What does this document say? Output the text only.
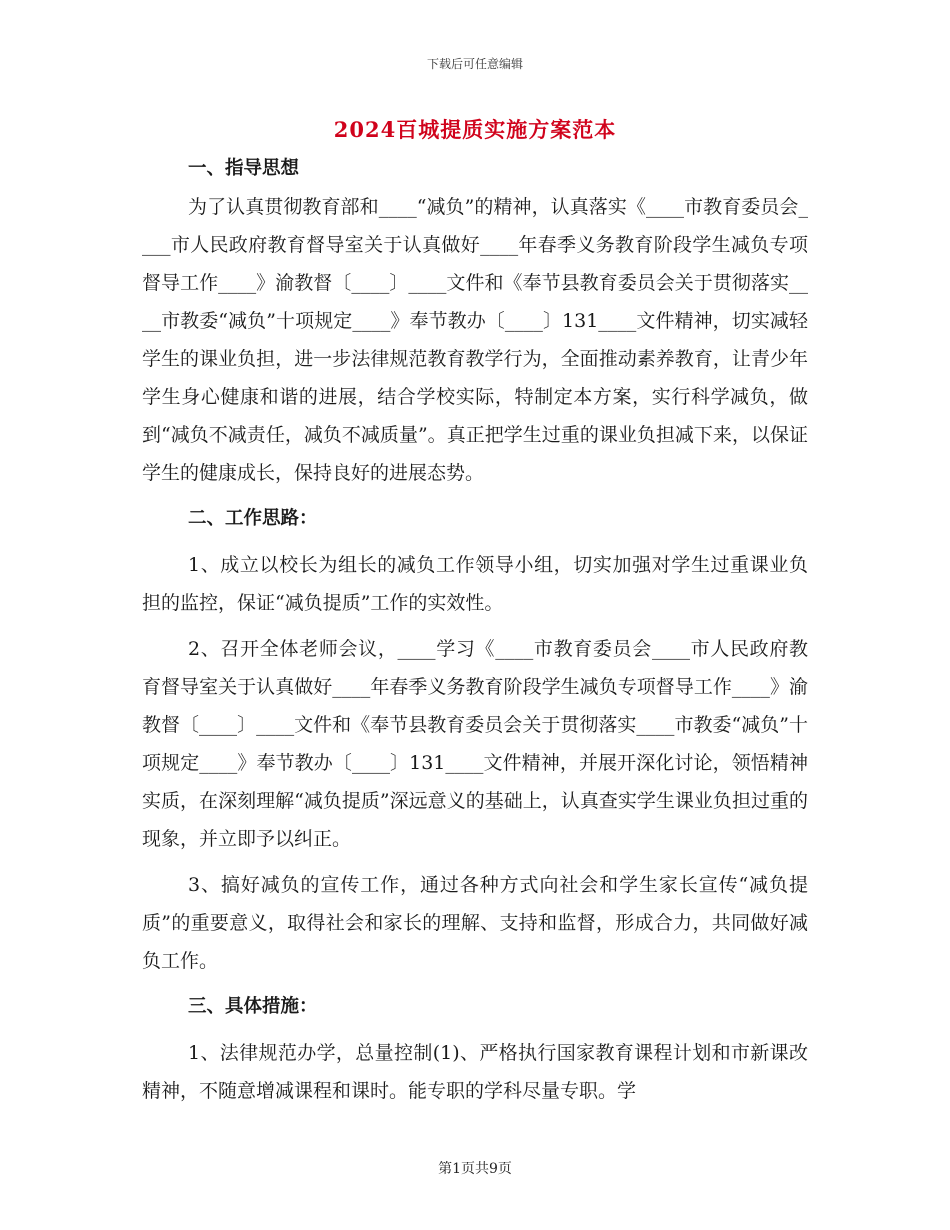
下载后可任意编辑
2024百城提质实施方案范本

一、指导思想

为了认真贯彻教育部和____“减负”的精神，认真落实《____市教育委员会____市人民政府教育督导室关于认真做好____年春季义务教育阶段学生减负专项督导工作____》渝教督〔____〕____文件和《奉节县教育委员会关于贯彻落实____市教委“减负”十项规定____》奉节教办〔____〕131____文件精神，切实减轻学生的课业负担，进一步法律规范教育教学行为，全面推动素养教育，让青少年学生身心健康和谐的进展，结合学校实际，特制定本方案，实行科学减负，做到“减负不减责任，减负不减质量”。真正把学生过重的课业负担减下来，以保证学生的健康成长，保持良好的进展态势。

二、工作思路：

1、成立以校长为组长的减负工作领导小组，切实加强对学生过重课业负担的监控，保证“减负提质”工作的实效性。

2、召开全体老师会议，____学习《____市教育委员会____市人民政府教育督导室关于认真做好____年春季义务教育阶段学生减负专项督导工作____》渝教督〔____〕____文件和《奉节县教育委员会关于贯彻落实____市教委“减负”十项规定____》奉节教办〔____〕131____文件精神，并展开深化讨论，领悟精神实质，在深刻理解“减负提质”深远意义的基础上，认真查实学生课业负担过重的现象，并立即予以纠正。

3、搞好减负的宣传工作，通过各种方式向社会和学生家长宣传“减负提质”的重要意义，取得社会和家长的理解、支持和监督，形成合力，共同做好减负工作。

三、具体措施：

1、法律规范办学，总量控制(1)、严格执行国家教育课程计划和市新课改精神，不随意增减课程和课时。能专职的学科尽量专职。学

第1页共9页
